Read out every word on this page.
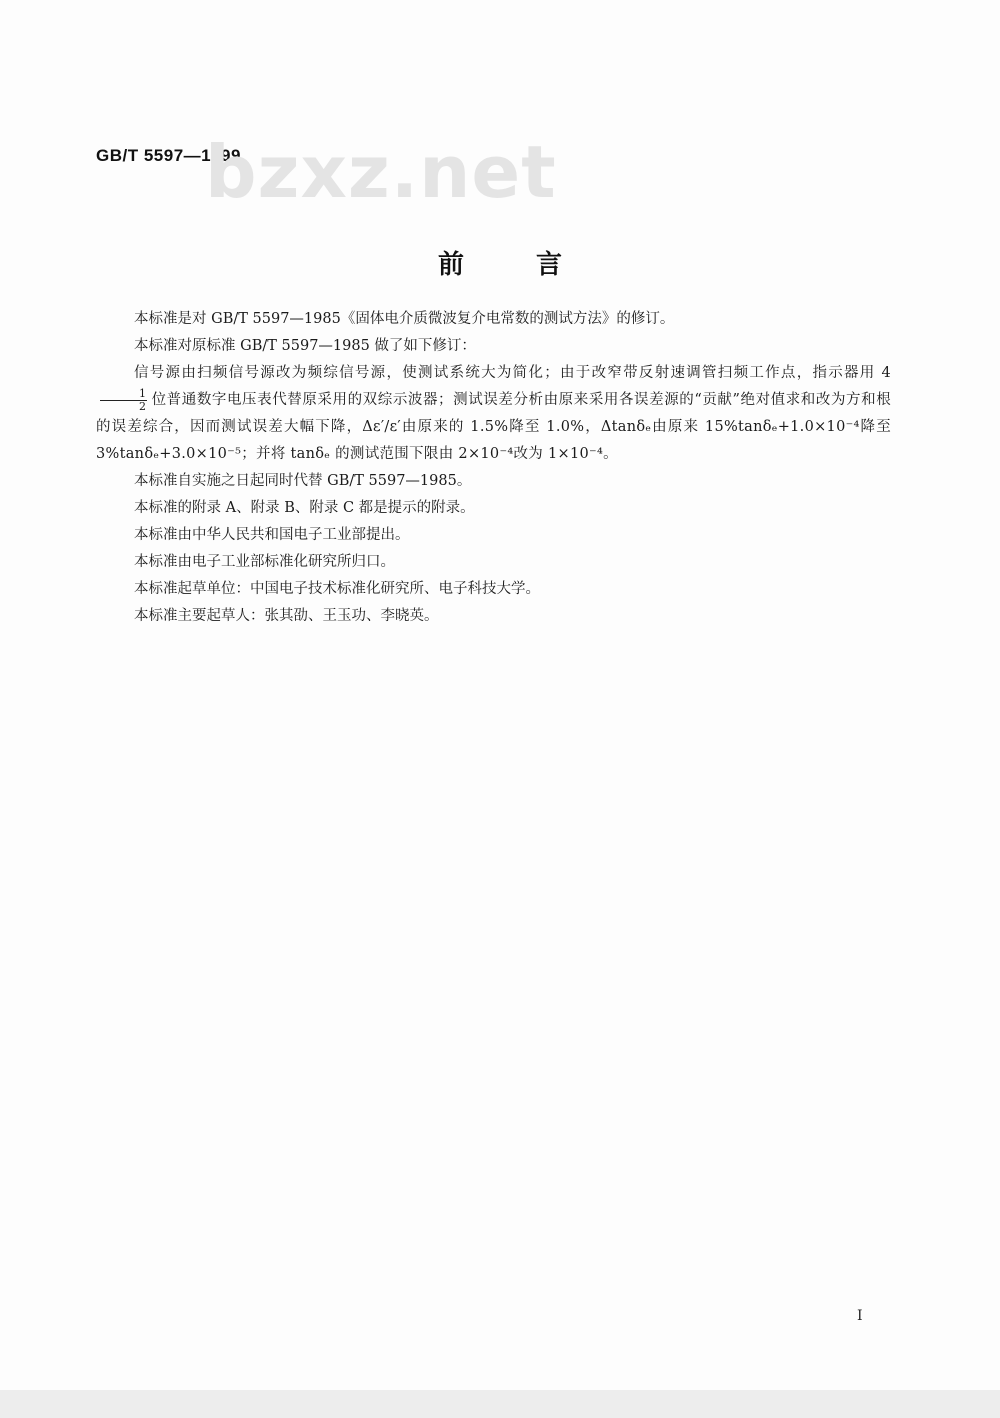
GB/T 5597—1999
bzxz.net
前言

本标准是对 GB/T 5597—1985《固体电介质微波复介电常数的测试方法》的修订。

本标准对原标准 GB/T 5597—1985 做了如下修订：

信号源由扫频信号源改为频综信号源，使测试系统大为简化；由于改窄带反射速调管扫频工作点，指示器用 4
$\frac{1}{2}$ 位普通数字电压表代替原采用的双综示波器；测试误差分析由原来采用各误差源的“贡献”绝对值求和改为方和根的误差综合，因而测试误差大幅下降，Δε′/ε′由原来的 1.5%降至 1.0%，Δtanδₑ由原来 15%tanδₑ+1.0×10⁻⁴降至 3%tanδₑ+3.0×10⁻⁵；并将 tanδₑ 的测试范围下限由 2×10⁻⁴改为 1×10⁻⁴。

本标准自实施之日起同时代替 GB/T 5597—1985。

本标准的附录 A、附录 B、附录 C 都是提示的附录。

本标准由中华人民共和国电子工业部提出。

本标准由电子工业部标准化研究所归口。

本标准起草单位：中国电子技术标准化研究所、电子科技大学。

本标准主要起草人：张其劭、王玉功、李晓英。

I
